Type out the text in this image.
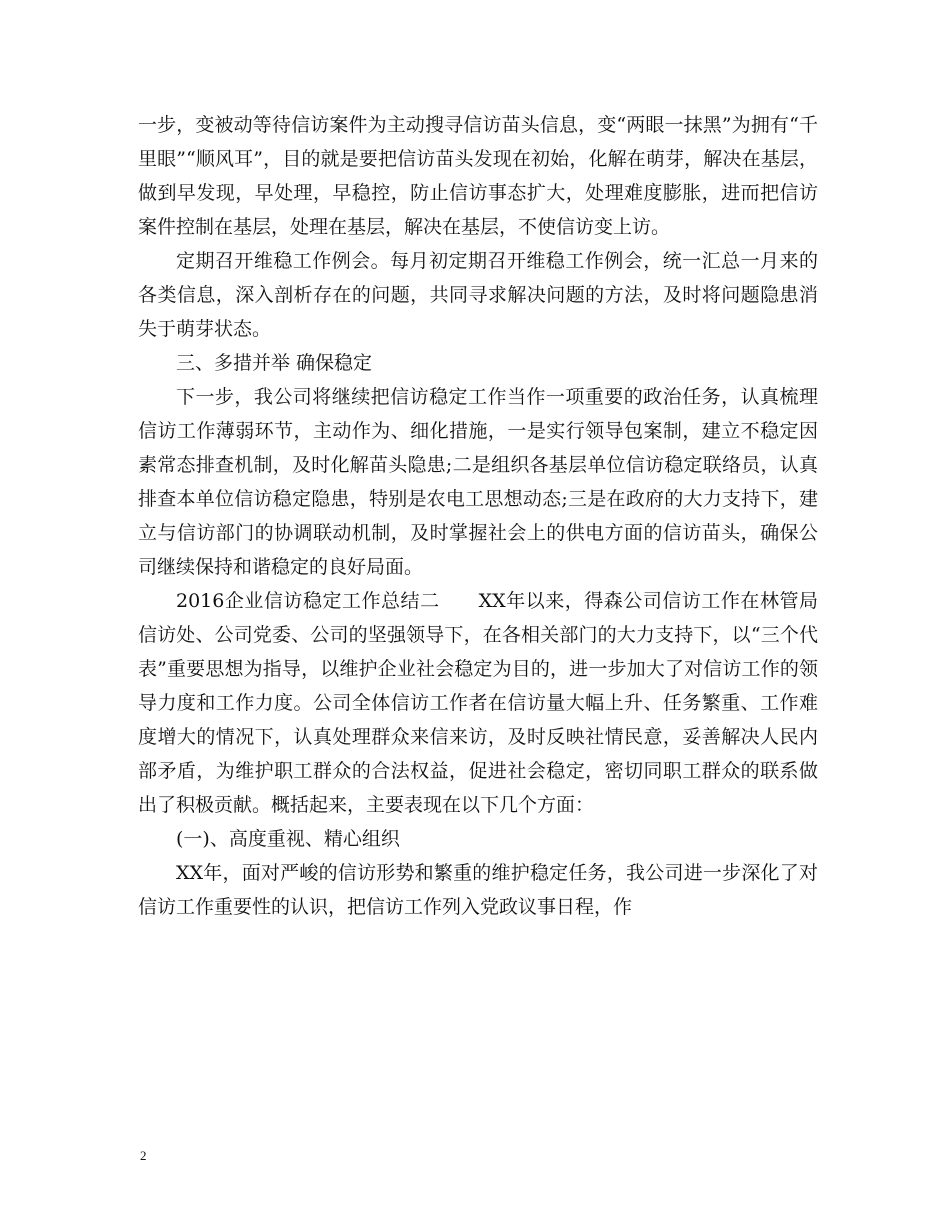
一步，变被动等待信访案件为主动搜寻信访苗头信息，变“两眼一抹黑”为拥有“千里眼”“顺风耳”，目的就是要把信访苗头发现在初始，化解在萌芽，解决在基层，做到早发现，早处理，早稳控，防止信访事态扩大，处理难度膨胀，进而把信访案件控制在基层，处理在基层，解决在基层，不使信访变上访。

定期召开维稳工作例会。每月初定期召开维稳工作例会，统一汇总一月来的各类信息，深入剖析存在的问题，共同寻求解决问题的方法，及时将问题隐患消失于萌芽状态。

三、多措并举 确保稳定

下一步，我公司将继续把信访稳定工作当作一项重要的政治任务，认真梳理信访工作薄弱环节，主动作为、细化措施，一是实行领导包案制，建立不稳定因素常态排查机制，及时化解苗头隐患;二是组织各基层单位信访稳定联络员，认真排查本单位信访稳定隐患，特别是农电工思想动态;三是在政府的大力支持下，建立与信访部门的协调联动机制，及时掌握社会上的供电方面的信访苗头，确保公司继续保持和谐稳定的良好局面。

2016企业信访稳定工作总结二　　XX年以来，得森公司信访工作在林管局信访处、公司党委、公司的坚强领导下，在各相关部门的大力支持下，以“三个代表”重要思想为指导，以维护企业社会稳定为目的，进一步加大了对信访工作的领导力度和工作力度。公司全体信访工作者在信访量大幅上升、任务繁重、工作难度增大的情况下，认真处理群众来信来访，及时反映社情民意，妥善解决人民内部矛盾，为维护职工群众的合法权益，促进社会稳定，密切同职工群众的联系做出了积极贡献。概括起来，主要表现在以下几个方面：

(一)、高度重视、精心组织

XX年，面对严峻的信访形势和繁重的维护稳定任务，我公司进一步深化了对信访工作重要性的认识，把信访工作列入党政议事日程，作

2
